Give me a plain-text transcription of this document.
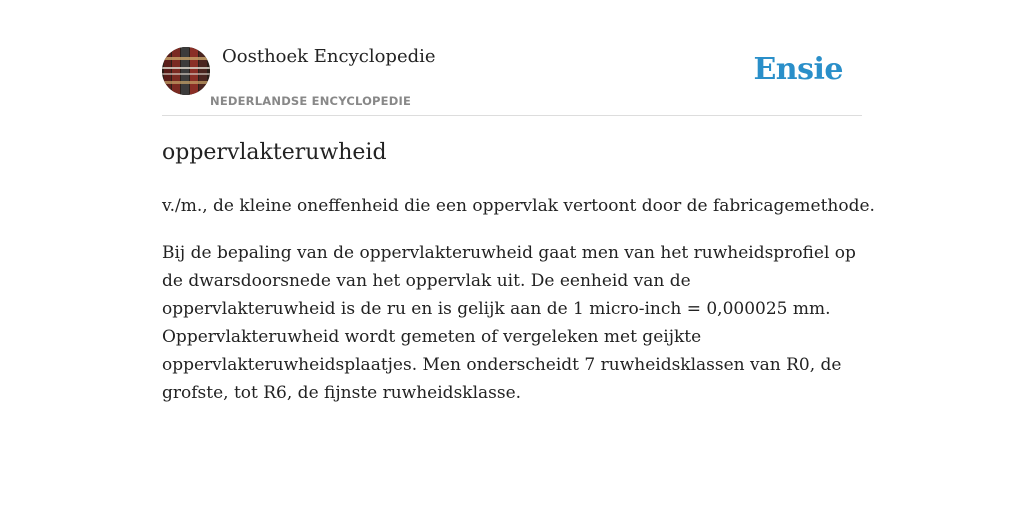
Oosthoek Encyclopedie
NEDERLANDSE ENCYCLOPEDIE
Ensie
oppervlakteruwheid

v./m., de kleine oneffenheid die een oppervlak vertoont door de fabricagemethode.

Bij de bepaling van de oppervlakteruwheid gaat men van het ruwheidsprofiel op de dwarsdoorsnede van het oppervlak uit. De eenheid van de oppervlakteruwheid is de ru en is gelijk aan de 1 micro-inch = 0,000025 mm. Oppervlakteruwheid wordt gemeten of vergeleken met geijkte oppervlakteruwheidsplaatjes. Men onderscheidt 7 ruwheidsklassen van R0, de grofste, tot R6, de fijnste ruwheidsklasse.
